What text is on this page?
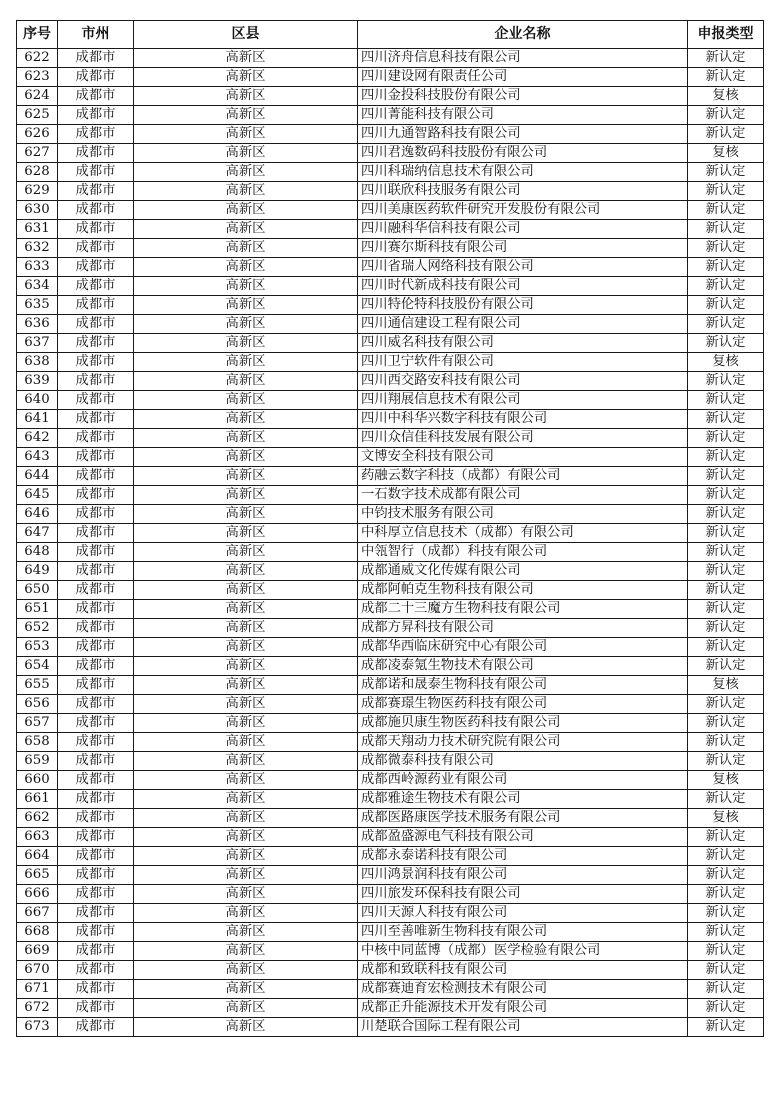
序号	市州	区县	企业名称	申报类型
622	成都市	高新区	四川济舟信息科技有限公司	新认定
623	成都市	高新区	四川建设网有限责任公司	新认定
624	成都市	高新区	四川金投科技股份有限公司	复核
625	成都市	高新区	四川菁能科技有限公司	新认定
626	成都市	高新区	四川九通智路科技有限公司	新认定
627	成都市	高新区	四川君逸数码科技股份有限公司	复核
628	成都市	高新区	四川科瑞纳信息技术有限公司	新认定
629	成都市	高新区	四川联欣科技服务有限公司	新认定
630	成都市	高新区	四川美康医药软件研究开发股份有限公司	新认定
631	成都市	高新区	四川融科华信科技有限公司	新认定
632	成都市	高新区	四川赛尔斯科技有限公司	新认定
633	成都市	高新区	四川省瑞人网络科技有限公司	新认定
634	成都市	高新区	四川时代新成科技有限公司	新认定
635	成都市	高新区	四川特伦特科技股份有限公司	新认定
636	成都市	高新区	四川通信建设工程有限公司	新认定
637	成都市	高新区	四川威名科技有限公司	新认定
638	成都市	高新区	四川卫宁软件有限公司	复核
639	成都市	高新区	四川西交路安科技有限公司	新认定
640	成都市	高新区	四川翔展信息技术有限公司	新认定
641	成都市	高新区	四川中科华兴数字科技有限公司	新认定
642	成都市	高新区	四川众信佳科技发展有限公司	新认定
643	成都市	高新区	文博安全科技有限公司	新认定
644	成都市	高新区	药融云数字科技（成都）有限公司	新认定
645	成都市	高新区	一石数字技术成都有限公司	新认定
646	成都市	高新区	中钧技术服务有限公司	新认定
647	成都市	高新区	中科厚立信息技术（成都）有限公司	新认定
648	成都市	高新区	中瓴智行（成都）科技有限公司	新认定
649	成都市	高新区	成都通威文化传媒有限公司	新认定
650	成都市	高新区	成都阿帕克生物科技有限公司	新认定
651	成都市	高新区	成都二十三魔方生物科技有限公司	新认定
652	成都市	高新区	成都方昇科技有限公司	新认定
653	成都市	高新区	成都华西临床研究中心有限公司	新认定
654	成都市	高新区	成都凌泰氪生物技术有限公司	新认定
655	成都市	高新区	成都诺和晟泰生物科技有限公司	复核
656	成都市	高新区	成都赛璟生物医药科技有限公司	新认定
657	成都市	高新区	成都施贝康生物医药科技有限公司	新认定
658	成都市	高新区	成都天翔动力技术研究院有限公司	新认定
659	成都市	高新区	成都微泰科技有限公司	新认定
660	成都市	高新区	成都西岭源药业有限公司	复核
661	成都市	高新区	成都雅途生物技术有限公司	新认定
662	成都市	高新区	成都医路康医学技术服务有限公司	复核
663	成都市	高新区	成都盈盛源电气科技有限公司	新认定
664	成都市	高新区	成都永泰诺科技有限公司	新认定
665	成都市	高新区	四川鸿景润科技有限公司	新认定
666	成都市	高新区	四川旅发环保科技有限公司	新认定
667	成都市	高新区	四川天源人科技有限公司	新认定
668	成都市	高新区	四川至善唯新生物科技有限公司	新认定
669	成都市	高新区	中核中同蓝博（成都）医学检验有限公司	新认定
670	成都市	高新区	成都和致联科技有限公司	新认定
671	成都市	高新区	成都赛迪育宏检测技术有限公司	新认定
672	成都市	高新区	成都正升能源技术开发有限公司	新认定
673	成都市	高新区	川楚联合国际工程有限公司	新认定
